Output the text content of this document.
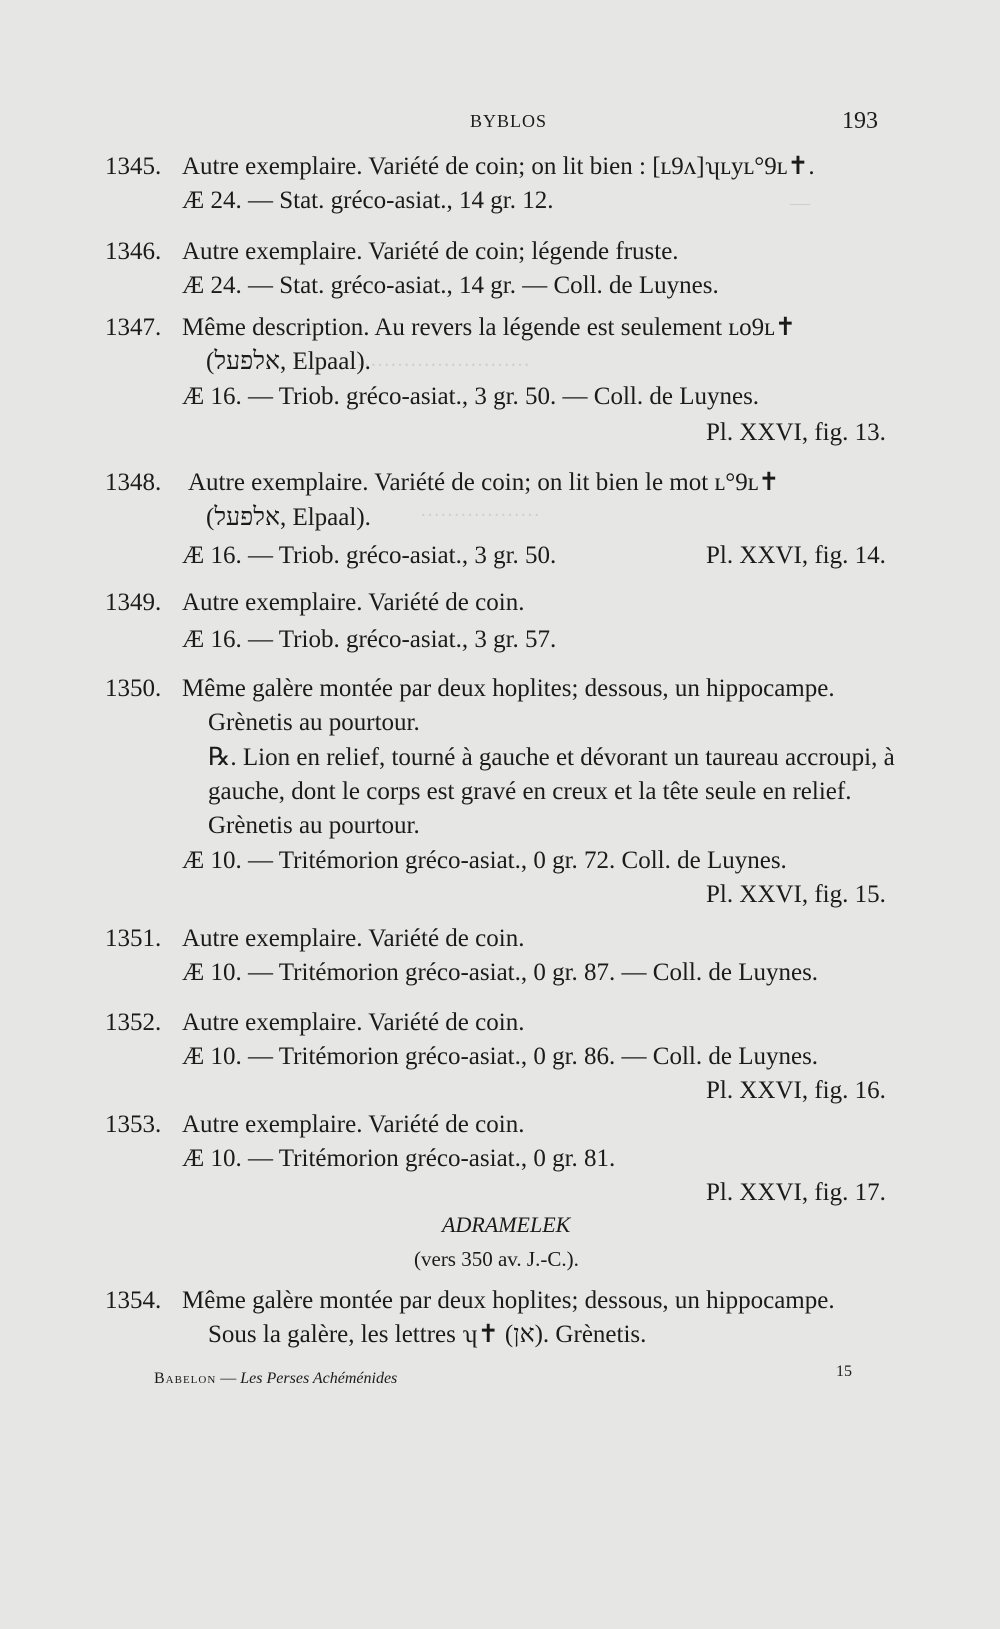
—
………………………
………………
BYBLOS	193
1345. Autre exemplaire. Variété de coin; on lit bien : [ʟ9ʌ]ʮʟyʟ°9ʟ✝.
Æ 24. — Stat. gréco-asiat., 14 gr. 12.
1346. Autre exemplaire. Variété de coin; légende fruste.
Æ 24. — Stat. gréco-asiat., 14 gr. — Coll. de Luynes.
1347. Même description. Au revers la légende est seulement ʟo9ʟ✝
(אלפעל, Elpaal).
Æ 16. — Triob. gréco-asiat., 3 gr. 50. — Coll. de Luynes.
Pl. XXVI, fig. 13.
1348. Autre exemplaire. Variété de coin; on lit bien le mot ʟ°9ʟ✝
(אלפעל, Elpaal).
Æ 16. — Triob. gréco-asiat., 3 gr. 50.	Pl. XXVI, fig. 14.
1349. Autre exemplaire. Variété de coin.
Æ 16. — Triob. gréco-asiat., 3 gr. 57.
1350. Même galère montée par deux hoplites; dessous, un hippocampe.
Grènetis au pourtour.
℞. Lion en relief, tourné à gauche et dévorant un taureau accroupi, à
gauche, dont le corps est gravé en creux et la tête seule en relief.
Grènetis au pourtour.
Æ 10. — Tritémorion gréco-asiat., 0 gr. 72. Coll. de Luynes.
Pl. XXVI, fig. 15.
1351. Autre exemplaire. Variété de coin.
Æ 10. — Tritémorion gréco-asiat., 0 gr. 87. — Coll. de Luynes.
1352. Autre exemplaire. Variété de coin.
Æ 10. — Tritémorion gréco-asiat., 0 gr. 86. — Coll. de Luynes.
Pl. XXVI, fig. 16.
1353. Autre exemplaire. Variété de coin.
Æ 10. — Tritémorion gréco-asiat., 0 gr. 81.
Pl. XXVI, fig. 17.
ADRAMELEK
(vers 350 av. J.-C.).
1354. Même galère montée par deux hoplites; dessous, un hippocampe.
Sous la galère, les lettres ʮ✝ (אן). Grènetis.
Babelon — Les Perses Achéménides	15
